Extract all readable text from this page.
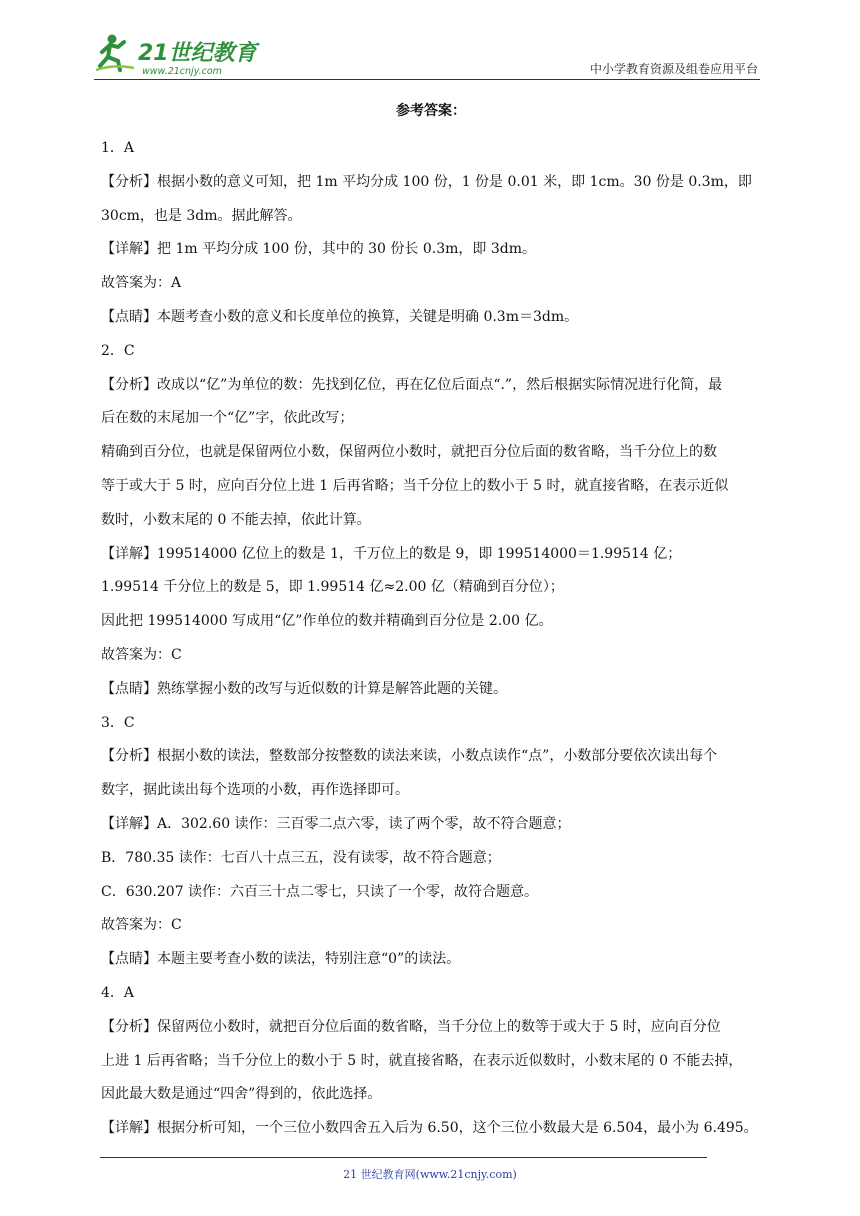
21世纪教育
www.21cnjy.com	中小学教育资源及组卷应用平台
参考答案：
1．A
【分析】根据小数的意义可知，把 1m 平均分成 100 份，1 份是 0.01 米，即 1cm。30 份是 0.3m，即
30cm，也是 3dm。据此解答。
【详解】把 1m 平均分成 100 份，其中的 30 份长 0.3m，即 3dm。
故答案为：A
【点睛】本题考查小数的意义和长度单位的换算，关键是明确 0.3m＝3dm。
2．C
【分析】改成以“亿”为单位的数：先找到亿位，再在亿位后面点“.”，然后根据实际情况进行化简，最
后在数的末尾加一个“亿”字，依此改写；
精确到百分位，也就是保留两位小数，保留两位小数时，就把百分位后面的数省略，当千分位上的数
等于或大于 5 时，应向百分位上进 1 后再省略；当千分位上的数小于 5 时，就直接省略，在表示近似
数时，小数末尾的 0 不能去掉，依此计算。
【详解】199514000 亿位上的数是 1，千万位上的数是 9，即 199514000＝1.99514 亿；
1.99514 千分位上的数是 5，即 1.99514 亿≈2.00 亿（精确到百分位）；
因此把 199514000 写成用“亿”作单位的数并精确到百分位是 2.00 亿。
故答案为：C
【点睛】熟练掌握小数的改写与近似数的计算是解答此题的关键。
3．C
【分析】根据小数的读法，整数部分按整数的读法来读，小数点读作“点”，小数部分要依次读出每个
数字，据此读出每个选项的小数，再作选择即可。
【详解】A．302.60 读作：三百零二点六零，读了两个零，故不符合题意；
B．780.35 读作：七百八十点三五，没有读零，故不符合题意；
C．630.207 读作：六百三十点二零七，只读了一个零，故符合题意。
故答案为：C
【点睛】本题主要考查小数的读法，特别注意“0”的读法。
4．A
【分析】保留两位小数时，就把百分位后面的数省略，当千分位上的数等于或大于 5 时，应向百分位
上进 1 后再省略；当千分位上的数小于 5 时，就直接省略，在表示近似数时，小数末尾的 0 不能去掉，
因此最大数是通过“四舍”得到的，依此选择。
【详解】根据分析可知，一个三位小数四舍五入后为 6.50，这个三位小数最大是 6.504，最小为 6.495。
21 世纪教育网(www.21cnjy.com)
